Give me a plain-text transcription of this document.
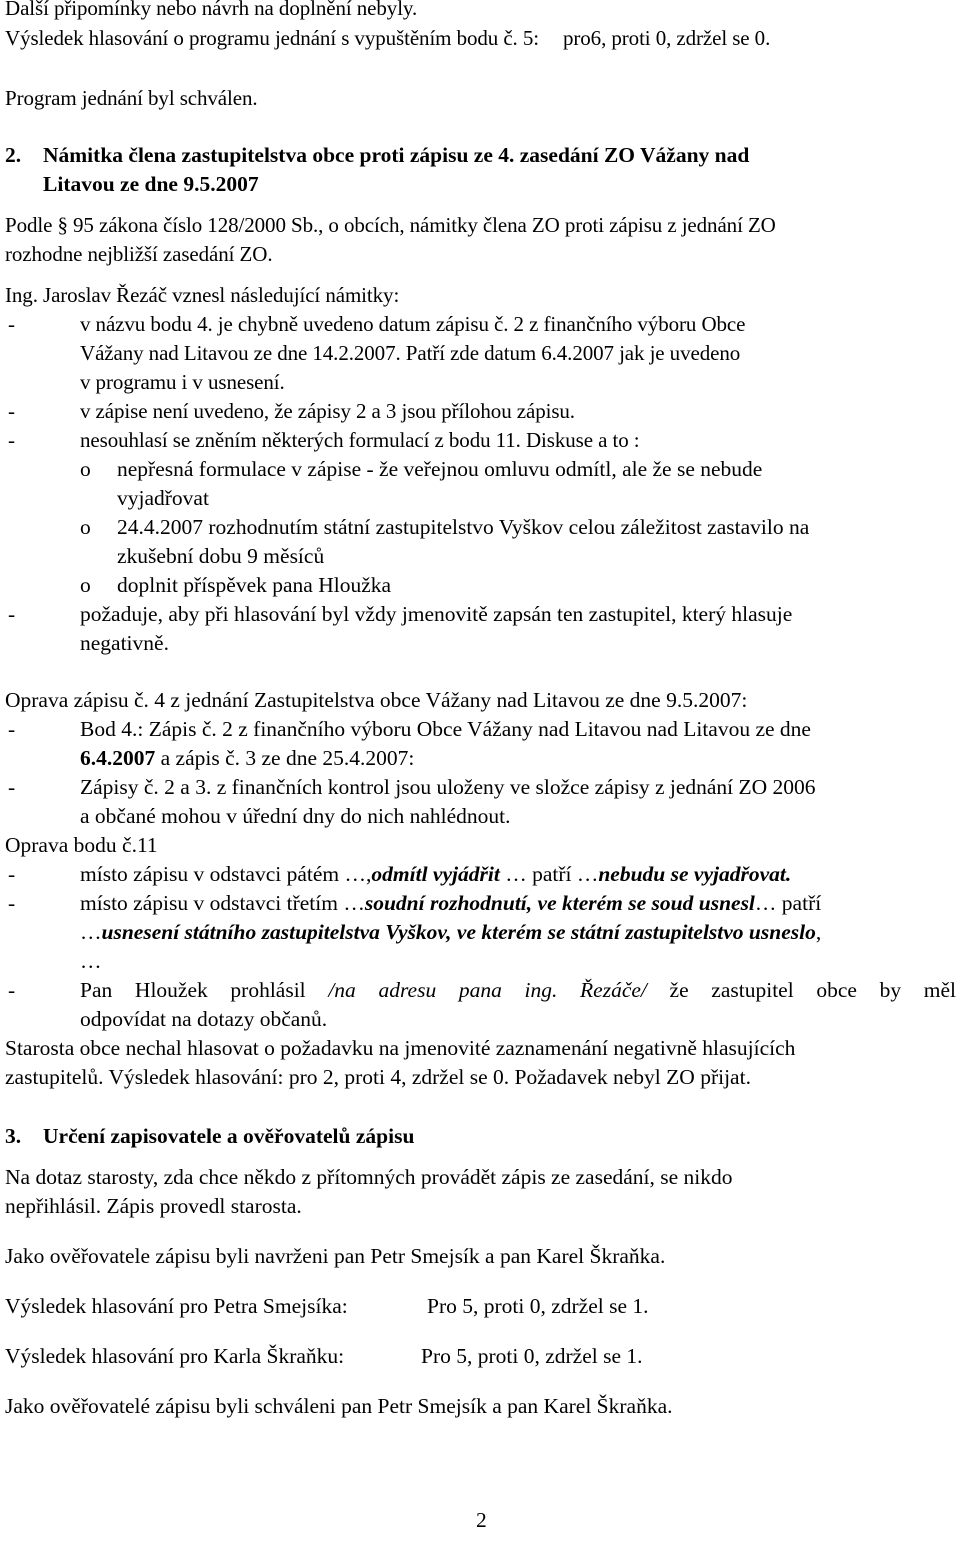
Další připomínky nebo návrh na doplnění nebyly.
Výsledek hlasování o programu jednání s vypuštěním bodu č. 5: pro6, proti 0, zdržel se 0.
Program jednání byl schválen.
2. Námitka člena zastupitelstva obce proti zápisu ze 4. zasedání ZO Vážany nad
Litavou ze dne 9.5.2007
Podle § 95 zákona číslo 128/2000 Sb., o obcích, námitky člena ZO proti zápisu z jednání ZO
rozhodne nejbližší zasedání ZO.
Ing. Jaroslav Řezáč vznesl následující námitky:
-	v názvu bodu 4. je chybně uvedeno datum zápisu č. 2 z finančního výboru Obce
Vážany nad Litavou ze dne 14.2.2007. Patří zde datum 6.4.2007 jak je uvedeno
v programu i v usnesení.
-	v zápise není uvedeno, že zápisy 2 a 3 jsou přílohou zápisu.
-	nesouhlasí se zněním některých formulací z bodu 11. Diskuse a to :
o nepřesná formulace v zápise - že veřejnou omluvu odmítl, ale že se nebude
vyjadřovat
o 24.4.2007 rozhodnutím státní zastupitelstvo Vyškov celou záležitost zastavilo na
zkušební dobu 9 měsíců
o doplnit příspěvek pana Hloužka
-	požaduje, aby při hlasování byl vždy jmenovitě zapsán ten zastupitel, který hlasuje
negativně.
Oprava zápisu č. 4 z jednání Zastupitelstva obce Vážany nad Litavou ze dne 9.5.2007:
-	Bod 4.: Zápis č. 2 z finančního výboru Obce Vážany nad Litavou nad Litavou ze dne
6.4.2007 a zápis č. 3 ze dne 25.4.2007:
-	Zápisy č. 2 a 3. z finančních kontrol jsou uloženy ve složce zápisy z jednání ZO 2006
a občané mohou v úřední dny do nich nahlédnout.
Oprava bodu č.11
-	místo zápisu v odstavci pátém …,odmítl vyjádřit … patří …nebudu se vyjadřovat.
-	místo zápisu v odstavci třetím …soudní rozhodnutí, ve kterém se soud usnesl… patří
…usnesení státního zastupitelstva Vyškov, ve kterém se státní zastupitelstvo usneslo,
…
-	Pan Hloužek prohlásil /na adresu pana ing. Řezáče/ že zastupitel obce by měl
odpovídat na dotazy občanů.
Starosta obce nechal hlasovat o požadavku na jmenovité zaznamenání negativně hlasujících
zastupitelů. Výsledek hlasování: pro 2, proti 4, zdržel se 0. Požadavek nebyl ZO přijat.
3. Určení zapisovatele a ověřovatelů zápisu
Na dotaz starosty, zda chce někdo z přítomných provádět zápis ze zasedání, se nikdo
nepřihlásil. Zápis provedl starosta.
Jako ověřovatele zápisu byli navrženi pan Petr Smejsík a pan Karel Škraňka.
Výsledek hlasování pro Petra Smejsíka:	Pro 5, proti 0, zdržel se 1.
Výsledek hlasování pro Karla Škraňku:	Pro 5, proti 0, zdržel se 1.
Jako ověřovatelé zápisu byli schváleni pan Petr Smejsík a pan Karel Škraňka.
2
